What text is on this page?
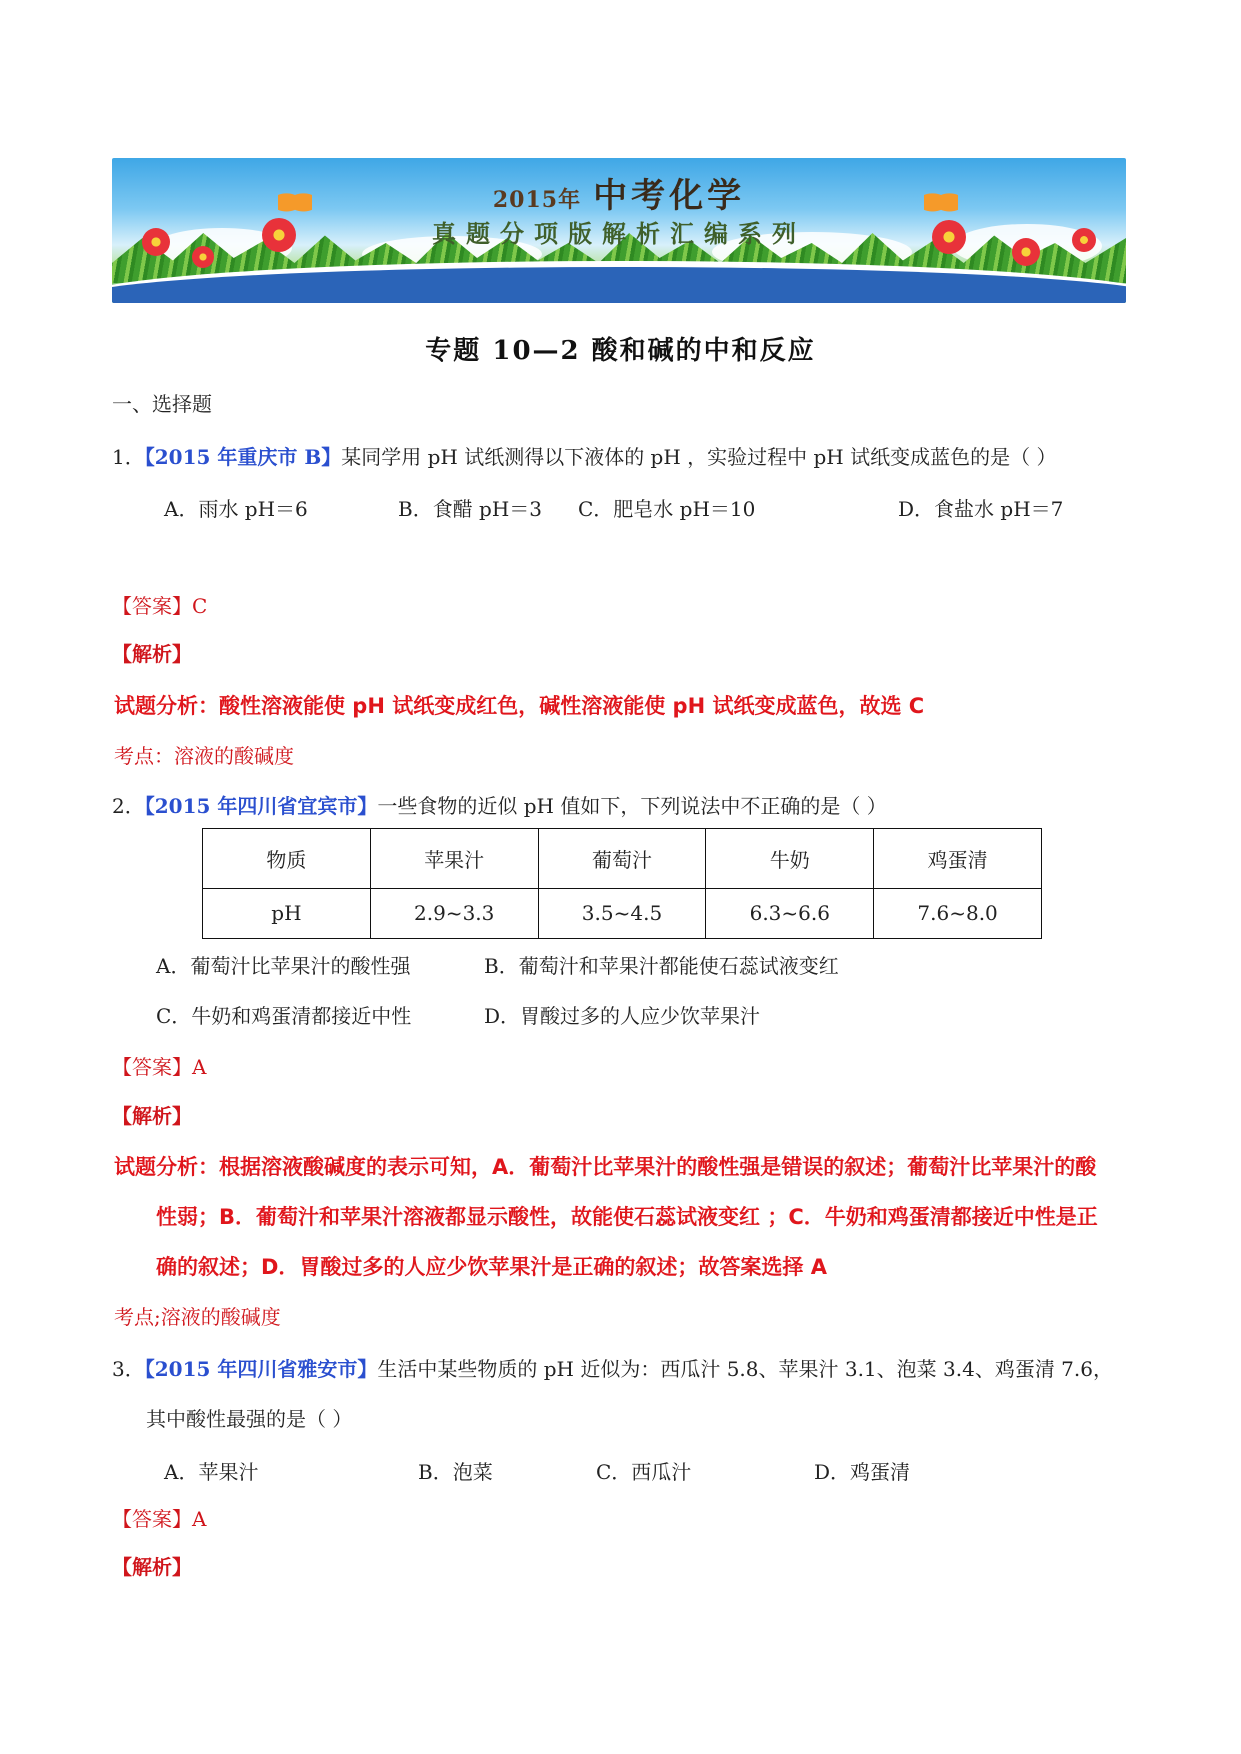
2015年 中考化学
真题分项版解析汇编系列
专题 10—2 酸和碱的中和反应
一、选择题
1．【2015 年重庆市 B】某同学用 pH 试纸测得以下液体的 pH ，实验过程中 pH 试纸变成蓝色的是（ ）
A．雨水 pH＝6	B．食醋 pH＝3 C．肥皂水 pH＝10	D．食盐水 pH＝7
【答案】C
【解析】
试题分析：酸性溶液能使 pH 试纸变成红色，碱性溶液能使 pH 试纸变成蓝色，故选 C
考点：溶液的酸碱度
2．【2015 年四川省宜宾市】一些食物的近似 pH 值如下，下列说法中不正确的是（ ）
物质	苹果汁	葡萄汁	牛奶	鸡蛋清
pH	2.9~3.3	3.5~4.5	6.3~6.6	7.6~8.0
A．葡萄汁比苹果汁的酸性强	B．葡萄汁和苹果汁都能使石蕊试液变红
C．牛奶和鸡蛋清都接近中性	D．胃酸过多的人应少饮苹果汁
【答案】A
【解析】
试题分析：根据溶液酸碱度的表示可知，A．葡萄汁比苹果汁的酸性强是错误的叙述；葡萄汁比苹果汁的酸
性弱；B．葡萄汁和苹果汁溶液都显示酸性，故能使石蕊试液变红 ；C．牛奶和鸡蛋清都接近中性是正
确的叙述；D．胃酸过多的人应少饮苹果汁是正确的叙述；故答案选择 A
考点;溶液的酸碱度
3．【2015 年四川省雅安市】生活中某些物质的 pH 近似为：西瓜汁 5.8、苹果汁 3.1、泡菜 3.4、鸡蛋清 7.6，
其中酸性最强的是（ ）
A．苹果汁	B．泡菜	C．西瓜汁	D．鸡蛋清
【答案】A
【解析】
